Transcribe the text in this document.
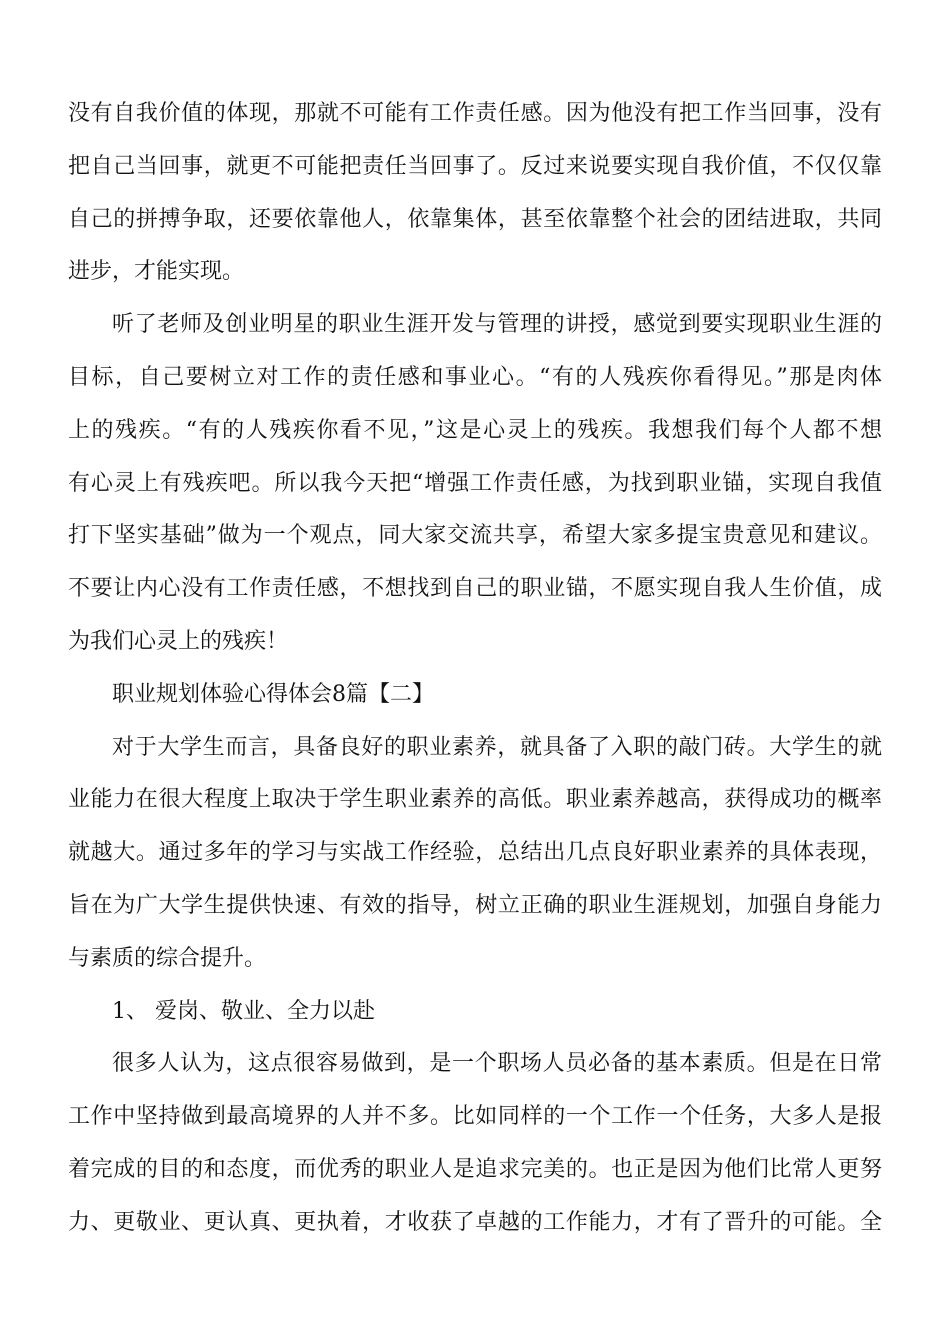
没有自我价值的体现，那就不可能有工作责任感。因为他没有把工作当回事，没有
把自己当回事，就更不可能把责任当回事了。反过来说要实现自我价值，不仅仅靠
自己的拼搏争取，还要依靠他人，依靠集体，甚至依靠整个社会的团结进取，共同
进步，才能实现。
听了老师及创业明星的职业生涯开发与管理的讲授，感觉到要实现职业生涯的
目标，自己要树立对工作的责任感和事业心。“有的人残疾你看得见。”那是肉体
上的残疾。“有的人残疾你看不见，”这是心灵上的残疾。我想我们每个人都不想
有心灵上有残疾吧。所以我今天把“增强工作责任感，为找到职业锚，实现自我值
打下坚实基础”做为一个观点，同大家交流共享，希望大家多提宝贵意见和建议。
不要让内心没有工作责任感，不想找到自己的职业锚，不愿实现自我人生价值，成
为我们心灵上的残疾！
职业规划体验心得体会8篇【二】
对于大学生而言，具备良好的职业素养，就具备了入职的敲门砖。大学生的就
业能力在很大程度上取决于学生职业素养的高低。职业素养越高，获得成功的概率
就越大。通过多年的学习与实战工作经验，总结出几点良好职业素养的具体表现，
旨在为广大学生提供快速、有效的指导，树立正确的职业生涯规划，加强自身能力
与素质的综合提升。
1、 爱岗、敬业、全力以赴
很多人认为，这点很容易做到，是一个职场人员必备的基本素质。但是在日常
工作中坚持做到最高境界的人并不多。比如同样的一个工作一个任务，大多人是报
着完成的目的和态度，而优秀的职业人是追求完美的。也正是因为他们比常人更努
力、更敬业、更认真、更执着，才收获了卓越的工作能力，才有了晋升的可能。全
